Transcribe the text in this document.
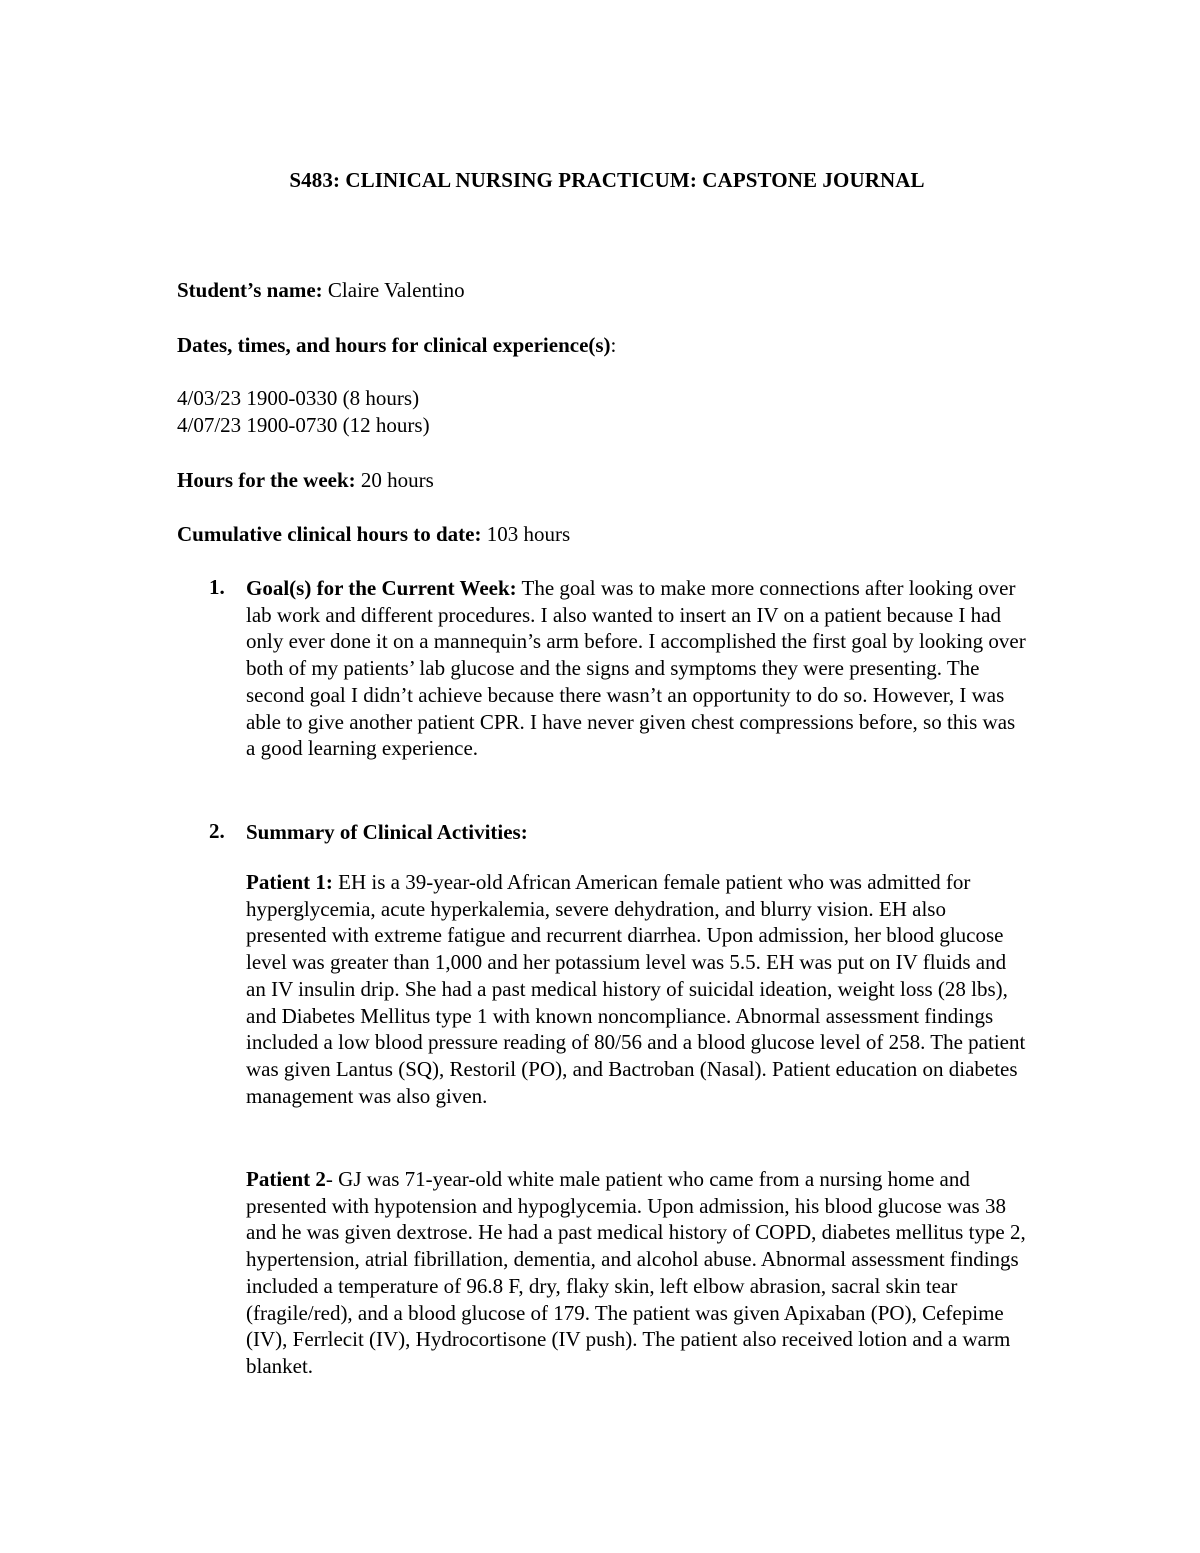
S483: CLINICAL NURSING PRACTICUM: CAPSTONE JOURNAL
Student’s name: Claire Valentino
Dates, times, and hours for clinical experience(s):
4/03/23 1900-0330 (8 hours)
4/07/23 1900-0730 (12 hours)
Hours for the week: 20 hours
Cumulative clinical hours to date: 103 hours
1. Goal(s) for the Current Week: The goal was to make more connections after looking over lab work and different procedures. I also wanted to insert an IV on a patient because I had only ever done it on a mannequin’s arm before. I accomplished the first goal by looking over both of my patients’ lab glucose and the signs and symptoms they were presenting. The second goal I didn’t achieve because there wasn’t an opportunity to do so. However, I was able to give another patient CPR. I have never given chest compressions before, so this was a good learning experience.
2. Summary of Clinical Activities:
Patient 1: EH is a 39-year-old African American female patient who was admitted for hyperglycemia, acute hyperkalemia, severe dehydration, and blurry vision. EH also presented with extreme fatigue and recurrent diarrhea. Upon admission, her blood glucose level was greater than 1,000 and her potassium level was 5.5. EH was put on IV fluids and an IV insulin drip. She had a past medical history of suicidal ideation, weight loss (28 lbs), and Diabetes Mellitus type 1 with known noncompliance. Abnormal assessment findings included a low blood pressure reading of 80/56 and a blood glucose level of 258. The patient was given Lantus (SQ), Restoril (PO), and Bactroban (Nasal). Patient education on diabetes management was also given.
Patient 2- GJ was 71-year-old white male patient who came from a nursing home and presented with hypotension and hypoglycemia. Upon admission, his blood glucose was 38 and he was given dextrose. He had a past medical history of COPD, diabetes mellitus type 2, hypertension, atrial fibrillation, dementia, and alcohol abuse. Abnormal assessment findings included a temperature of 96.8 F, dry, flaky skin, left elbow abrasion, sacral skin tear (fragile/red), and a blood glucose of 179. The patient was given Apixaban (PO), Cefepime (IV), Ferrlecit (IV), Hydrocortisone (IV push). The patient also received lotion and a warm blanket.
